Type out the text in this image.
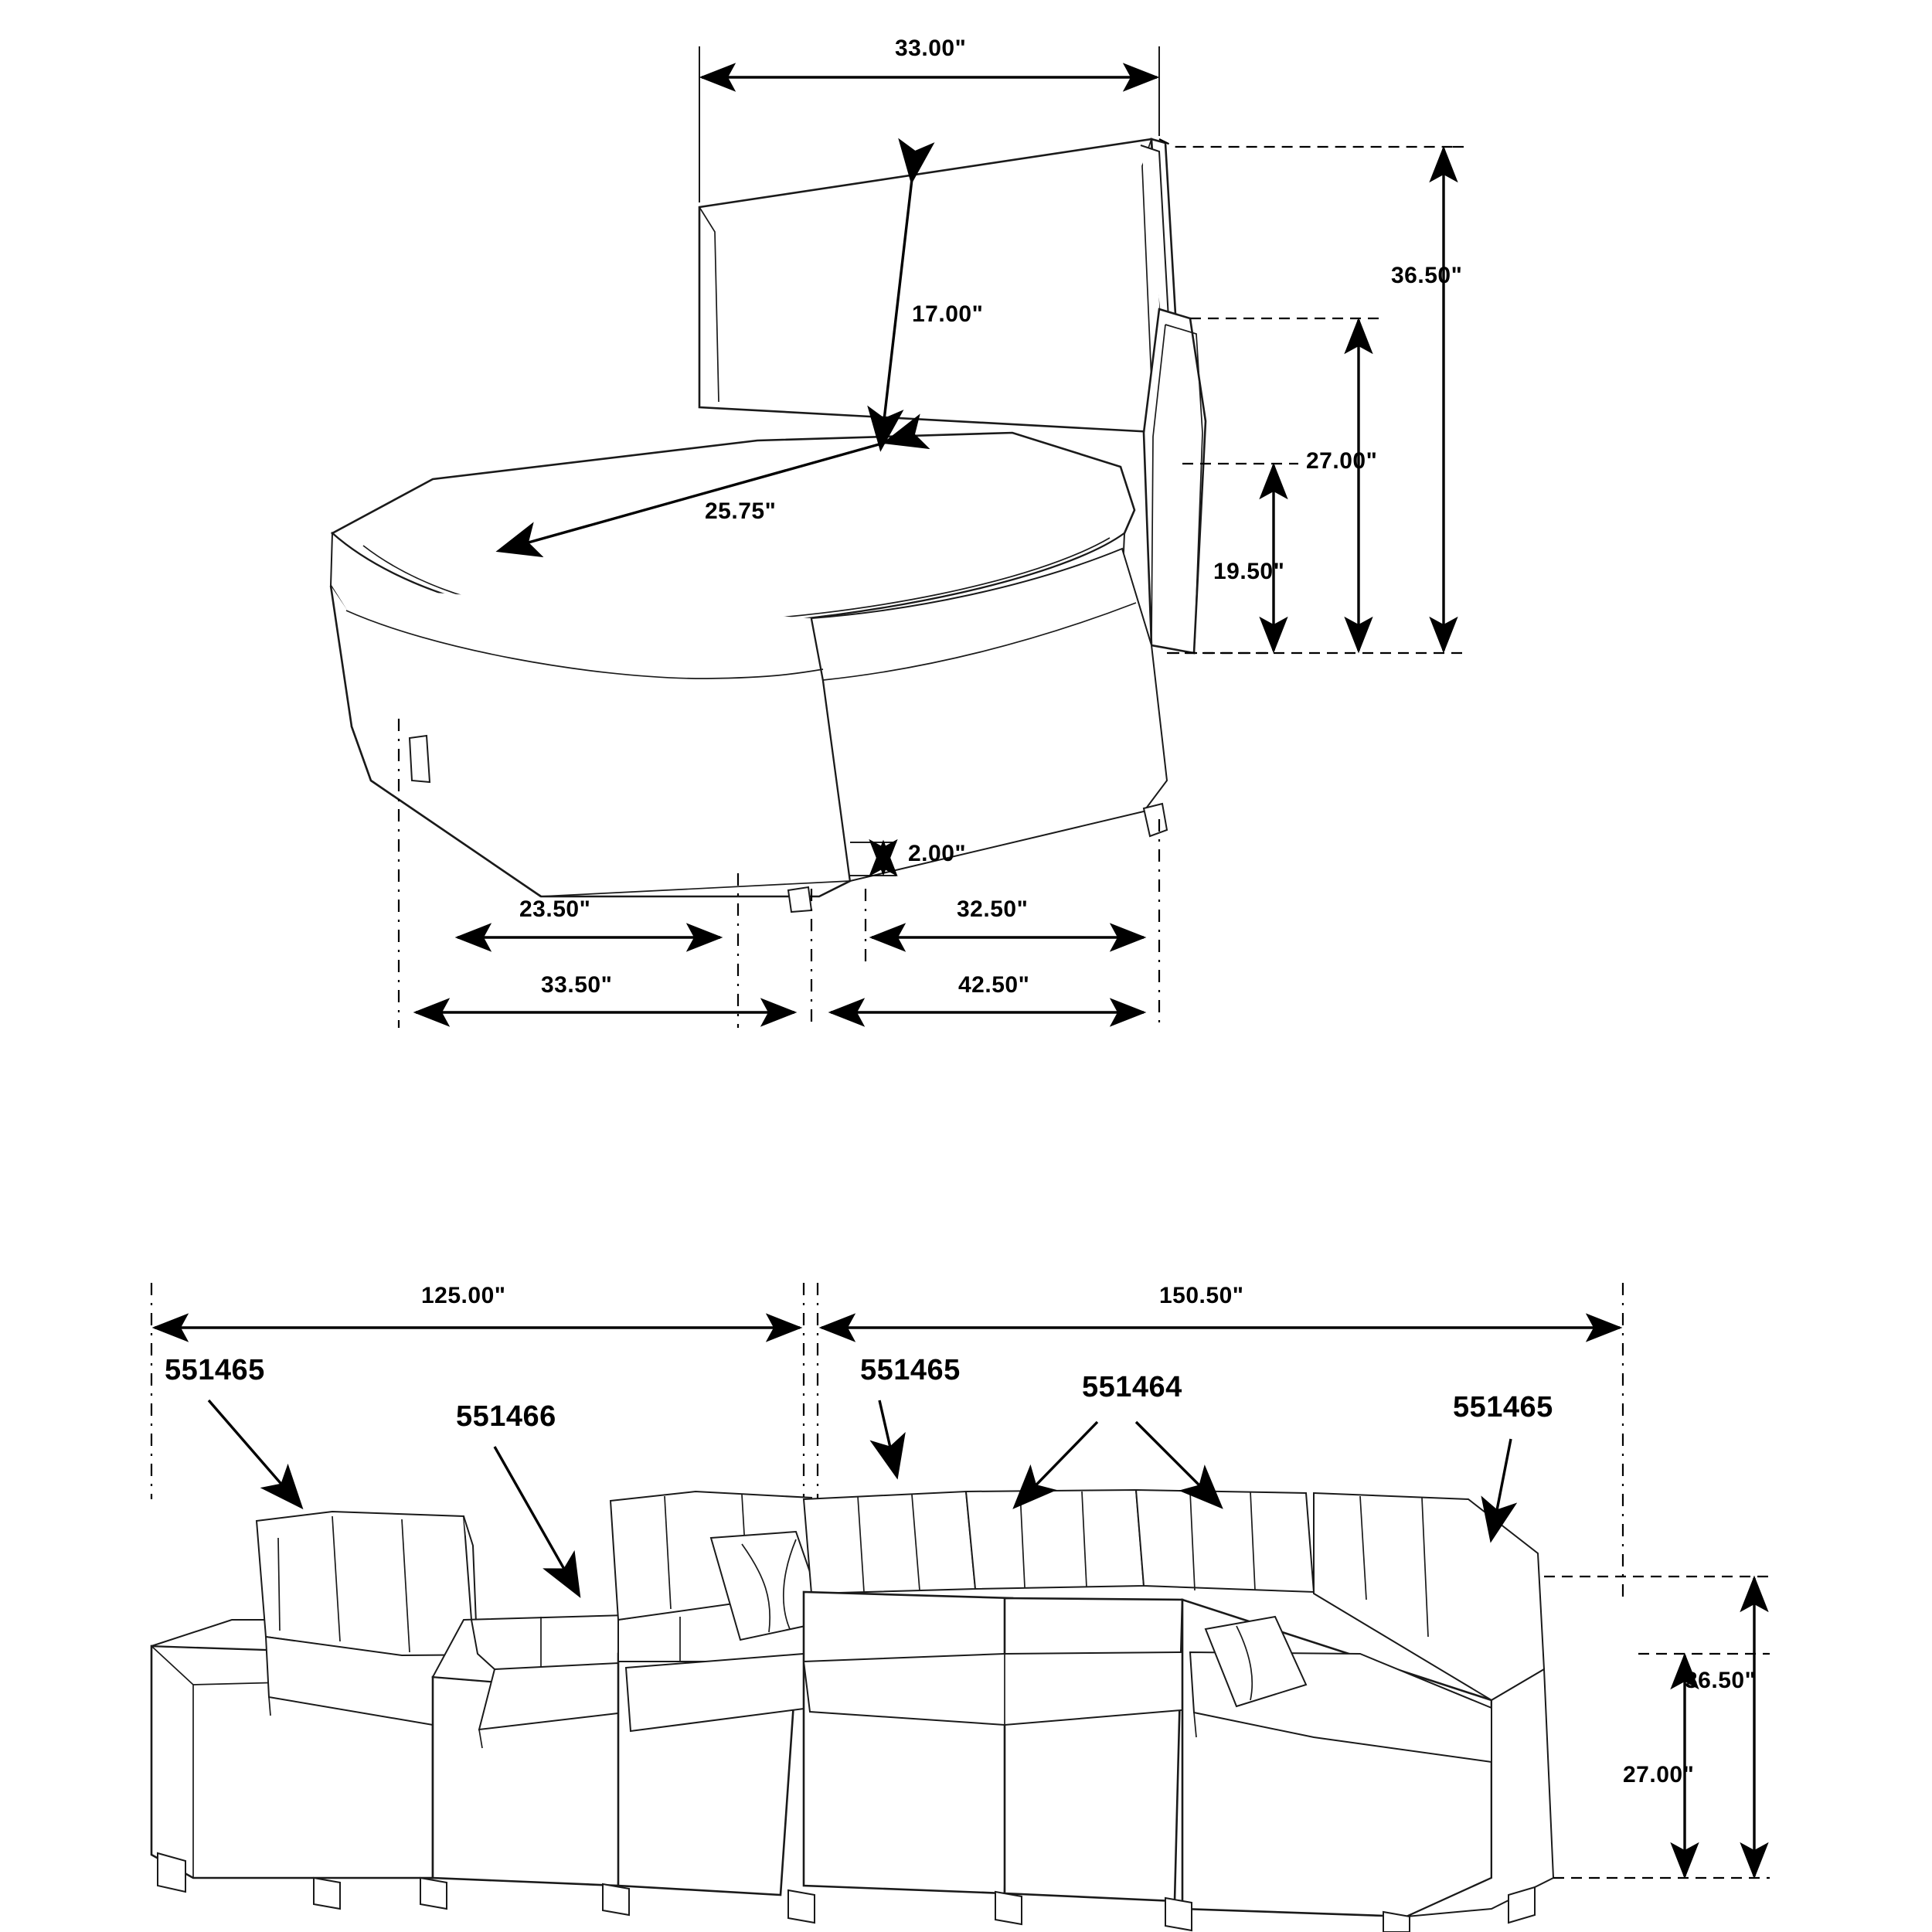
33.00"
17.00"
25.75"
36.50"
27.00"
19.50"
2.00"
23.50"	32.50"
33.50"	42.50"
125.00"	150.50"
36.50"
27.00"
551465
551466
551465
551464
551465
